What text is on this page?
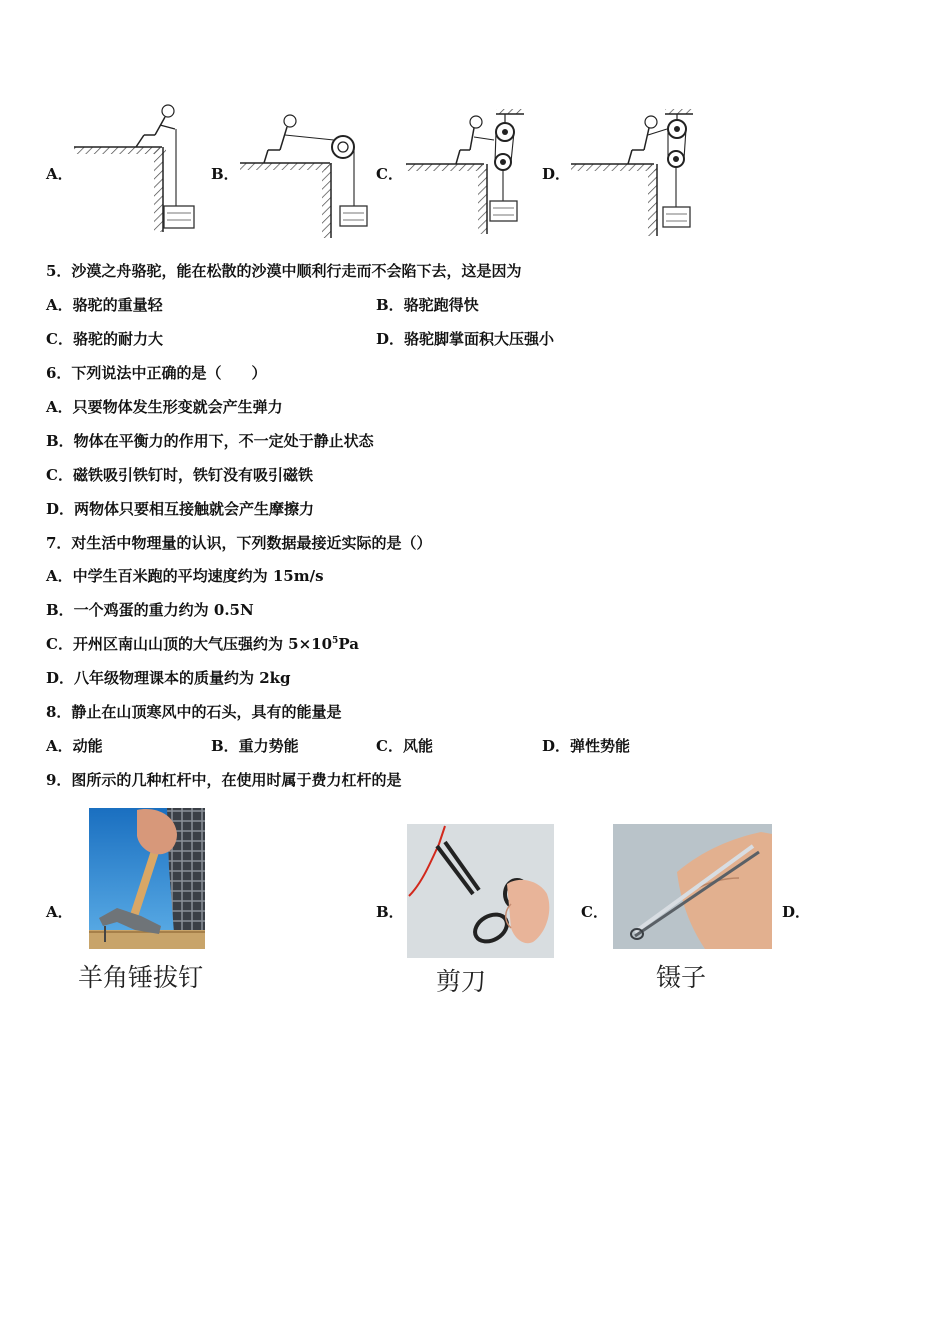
A．	B．	C．	D．
5．沙漠之舟骆驼，能在松散的沙漠中顺利行走而不会陷下去，这是因为
A．骆驼的重量轻	B．骆驼跑得快
C．骆驼的耐力大	D．骆驼脚掌面积大压强小
6．下列说法中正确的是（　　）
A．只要物体发生形变就会产生弹力
B．物体在平衡力的作用下，不一定处于静止状态
C．磁铁吸引铁钉时，铁钉没有吸引磁铁
D．两物体只要相互接触就会产生摩擦力
7．对生活中物理量的认识，下列数据最接近实际的是（）
A．中学生百米跑的平均速度约为 15m/s
B．一个鸡蛋的重力约为 0.5N
C．开州区南山山顶的大气压强约为 $5\times 10^5Pa$
D．八年级物理课本的质量约为 2kg
8．静止在山顶寒风中的石头，具有的能量是
A．动能	B．重力势能	C．风能	D．弹性势能
9．图所示的几种杠杆中，在使用时属于费力杠杆的是
A．	B．	C．	D．
羊角锤拔钉	剪刀	镊子
